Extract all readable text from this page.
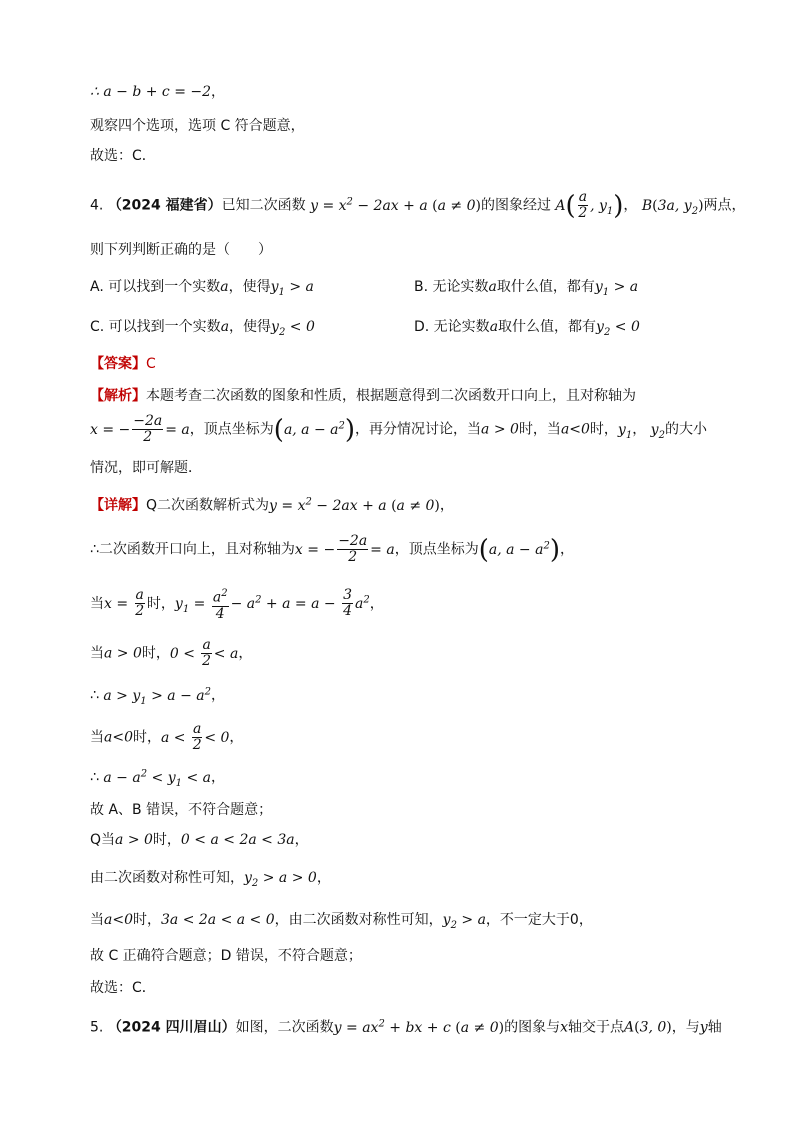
∴ a − b + c = −2，
观察四个选项，选项 C 符合题意，
故选：C．
4. （2024 福建省）已知二次函数 $y = x^2 - 2ax + a$ (a ≠ 0)的图象经过 $A( \frac{a}{2}$ , $y_1$)， B(3a, $y_2$)两点，
则下列判断正确的是（　　）
A. 可以找到一个实数a，使得$y_1 > a$	B. 无论实数a取什么值，都有$y_1 > a$
C. 可以找到一个实数a，使得$y_2 < 0$	D. 无论实数a取什么值，都有$y_2 < 0$
【答案】C
【解析】本题考查二次函数的图象和性质，根据题意得到二次函数开口向上，且对称轴为
x = − $\frac{-2a}{2} = a$，顶点坐标为(a, $a - a^2$)，再分情况讨论，当a > 0时，当a<0时，$y_1$， $y_2$的大小
情况，即可解题．
【详解】Q二次函数解析式为$y = x^2 - 2ax + a$ (a ≠ 0)，
∴二次函数开口向上，且对称轴为x = − $\frac{-2a}{2} = a$，顶点坐标为(a, $a - a^2$)，
当$x = \frac{a}{2}$ 时，$y_1 = \frac{a^2}{4} - a^2 + a = a - \frac{3}{4} a^2$，
当a > 0时，$0 < \frac{a}{2} < a$，
∴ $a > y_1 > a - a^2$，
当a<0时，$a < \frac{a}{2} < 0$，
∴ $a - a^2 < y_1 < a$，
故 A、B 错误，不符合题意；
Q当a > 0时，0 < a < 2a < 3a，
由二次函数对称性可知，$y_2 > a > 0$，
当a<0时，3a < 2a < a < 0，由二次函数对称性可知，$y_2 > a$，不一定大于0，
故 C 正确符合题意；D 错误，不符合题意；
故选：C．
5. （2024 四川眉山）如图，二次函数$y = ax^2$ + bx + c (a ≠ 0)的图象与x轴交于点A(3, 0)，与y轴
